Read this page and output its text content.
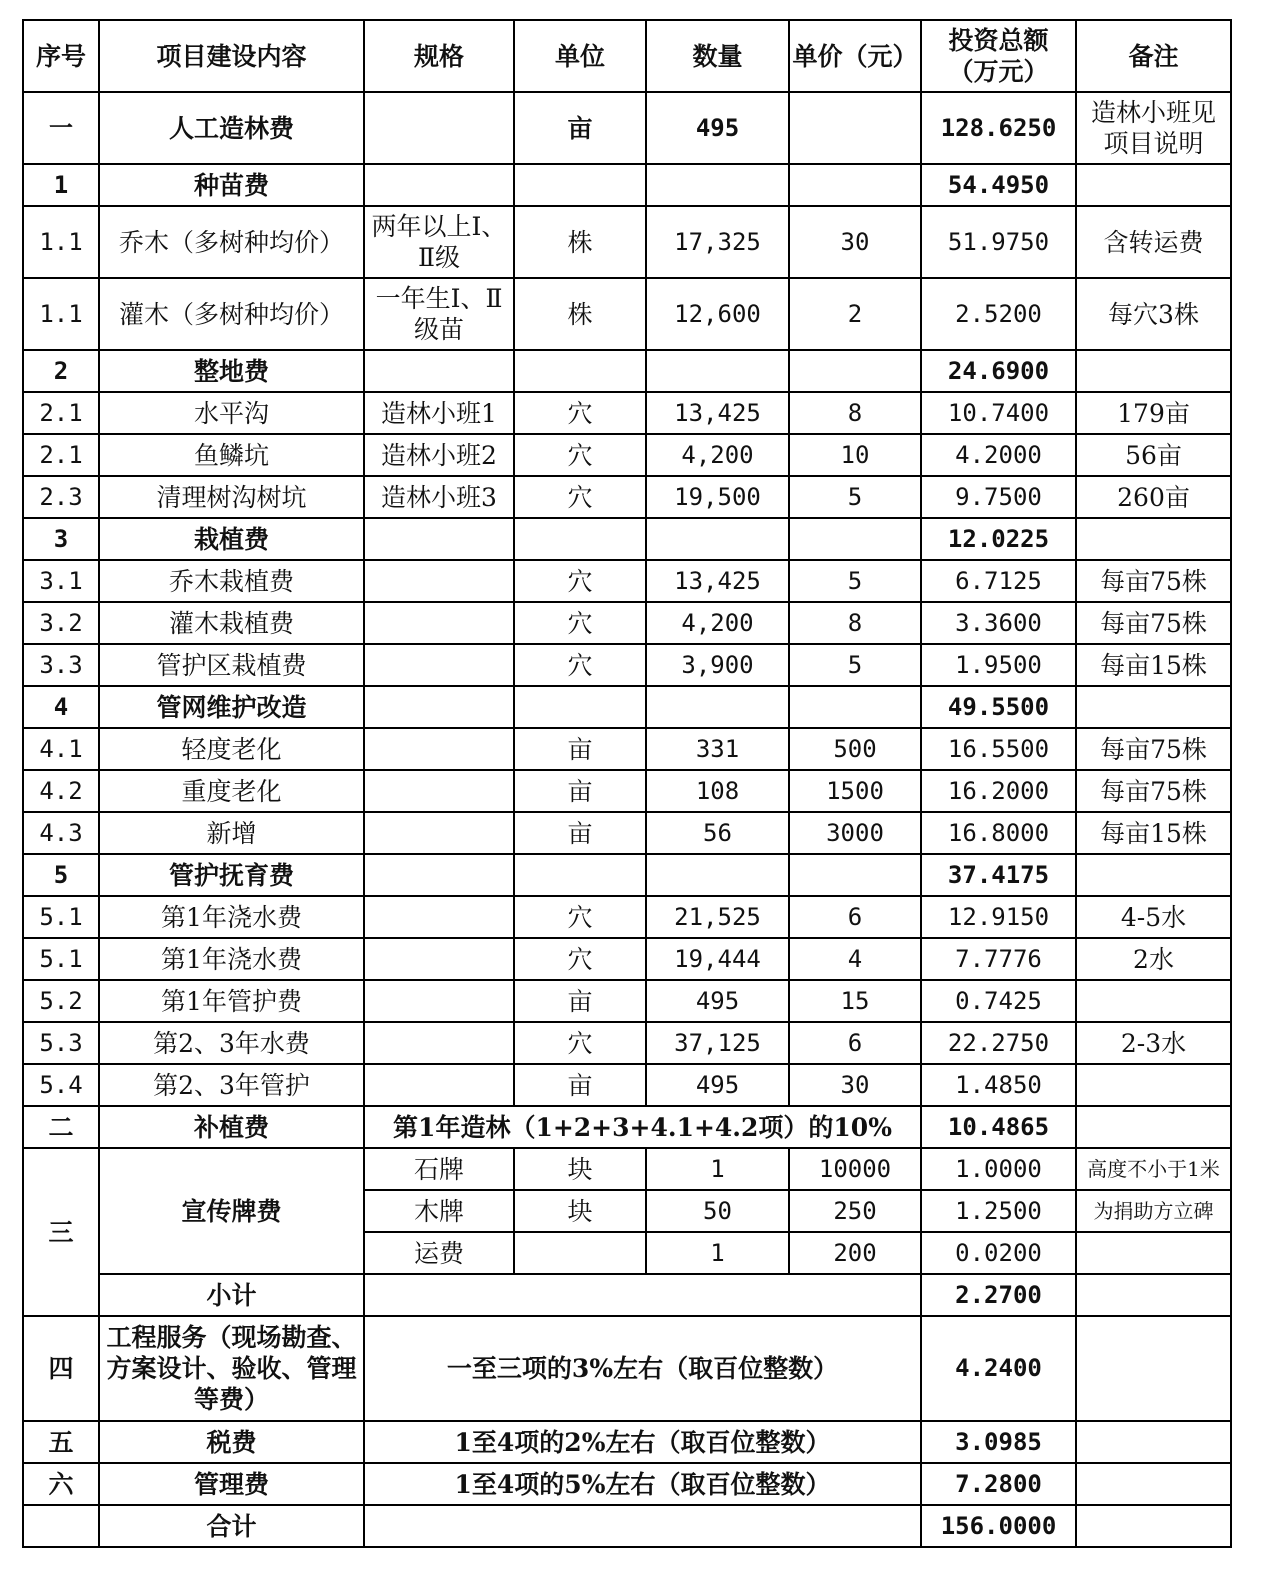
序号	项目建设内容	规格	单位	数量	单价（元）	投资总额（万元）	备注
一	人工造林费		亩	495		128.6250	造林小班见项目说明
1	种苗费					54.4950	
1.1	乔木（多树种均价）	两年以上Ⅰ、Ⅱ级	株	17,325	30	51.9750	含转运费
1.1	灌木（多树种均价）	一年生Ⅰ、Ⅱ级苗	株	12,600	2	2.5200	每穴3株
2	整地费					24.6900	
2.1	水平沟	造林小班1	穴	13,425	8	10.7400	179亩
2.1	鱼鳞坑	造林小班2	穴	4,200	10	4.2000	56亩
2.3	清理树沟树坑	造林小班3	穴	19,500	5	9.7500	260亩
3	栽植费					12.0225	
3.1	乔木栽植费		穴	13,425	5	6.7125	每亩75株
3.2	灌木栽植费		穴	4,200	8	3.3600	每亩75株
3.3	管护区栽植费		穴	3,900	5	1.9500	每亩15株
4	管网维护改造					49.5500	
4.1	轻度老化		亩	331	500	16.5500	每亩75株
4.2	重度老化		亩	108	1500	16.2000	每亩75株
4.3	新增		亩	56	3000	16.8000	每亩15株
5	管护抚育费					37.4175	
5.1	第1年浇水费		穴	21,525	6	12.9150	4-5水
5.1	第1年浇水费		穴	19,444	4	7.7776	2水
5.2	第1年管护费		亩	495	15	0.7425	
5.3	第2、3年水费		穴	37,125	6	22.2750	2-3水
5.4	第2、3年管护		亩	495	30	1.4850	
二	补植费	第1年造林（1+2+3+4.1+4.2项）的10%				10.4865	
三	宣传牌费	石牌	块	1	10000	1.0000	高度不小于1米
		木牌	块	50	250	1.2500	为捐助方立碑
		运费		1	200	0.0200	
	小计					2.2700	
四	工程服务（现场勘查、方案设计、验收、管理等费）	一至三项的3%左右（取百位整数）				4.2400	
五	税费	1至4项的2%左右（取百位整数）				3.0985	
六	管理费	1至4项的5%左右（取百位整数）				7.2800	
	合计					156.0000	
